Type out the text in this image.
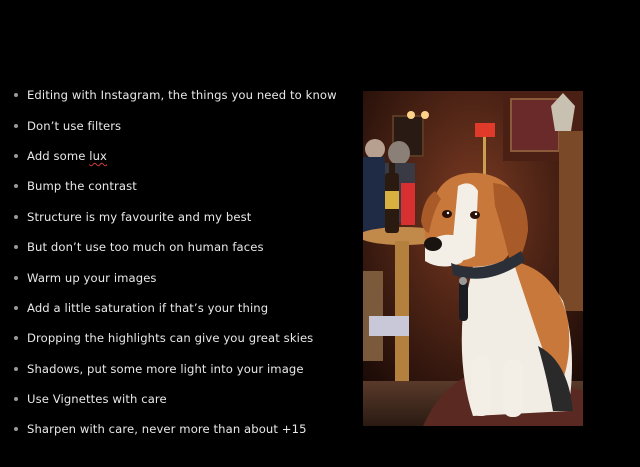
Editing with Instagram, the things you need to know
Don’t use filters
Add some lux
Bump the contrast
Structure is my favourite and my best
But don’t use too much on human faces
Warm up your images
Add a little saturation if that’s your thing
Dropping the highlights can give you great skies
Shadows, put some more light into your image
Use Vignettes with care
Sharpen with care, never more than about +15
